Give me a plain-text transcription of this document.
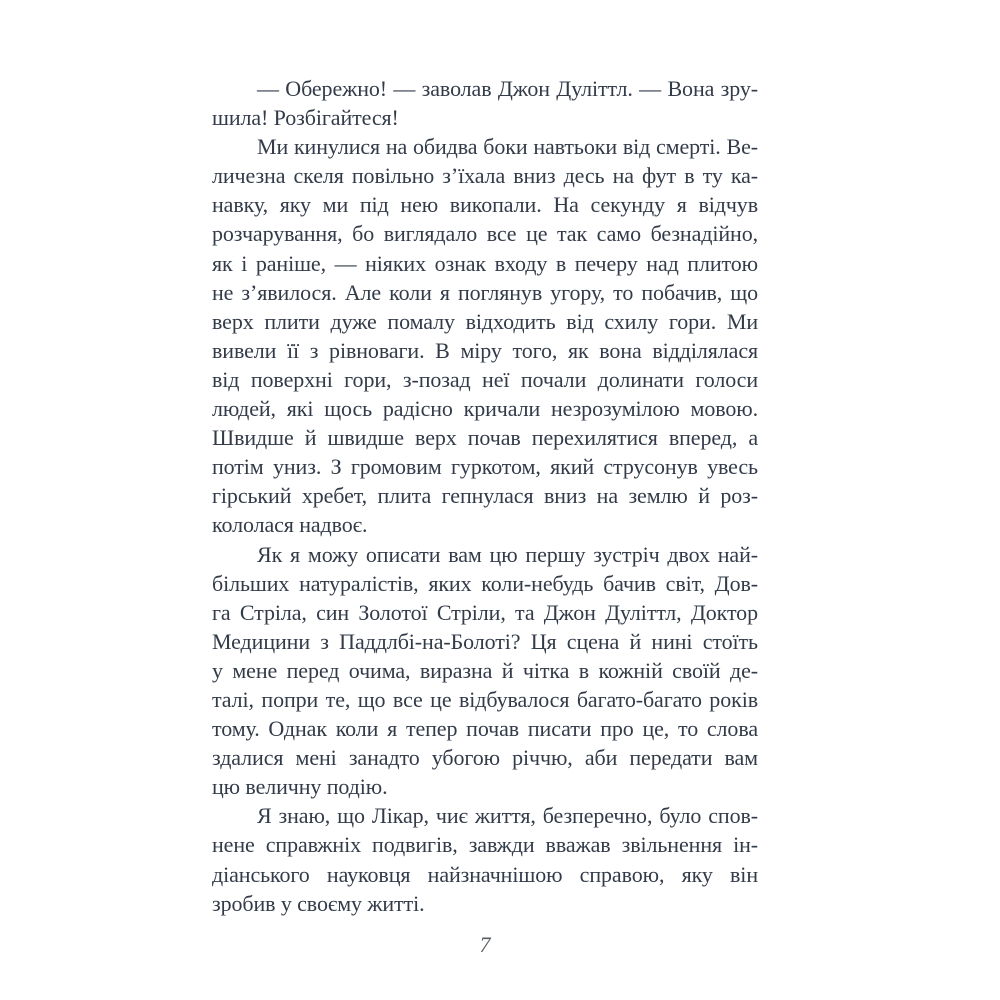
— Обережно! — заволав Джон Дуліттл. — Вона зру-
шила! Розбігайтеся!
Ми кинулися на обидва боки навтьоки від смерті. Ве-
личезна скеля повільно з’їхала вниз десь на фут в ту ка-
навку, яку ми під нею викопали. На секунду я відчув
розчарування, бо виглядало все це так само безнадійно,
як і раніше, — ніяких ознак входу в печеру над плитою
не з’явилося. Але коли я поглянув угору, то побачив, що
верх плити дуже помалу відходить від схилу гори. Ми
вивели її з рівноваги. В міру того, як вона відділялася
від поверхні гори, з-позад неї почали долинати голоси
людей, які щось радісно кричали незрозумілою мовою.
Швидше й швидше верх почав перехилятися вперед, а
потім униз. З громовим гуркотом, який струсонув увесь
гірський хребет, плита гепнулася вниз на землю й роз-
кололася надвоє.
Як я можу описати вам цю першу зустріч двох най-
більших натуралістів, яких коли-небудь бачив світ, Дов-
га Стріла, син Золотої Стріли, та Джон Дуліттл, Доктор
Медицини з Паддлбі-на-Болоті? Ця сцена й нині стоїть
у мене перед очима, виразна й чітка в кожній своїй де-
талі, попри те, що все це відбувалося багато-багато років
тому. Однак коли я тепер почав писати про це, то слова
здалися мені занадто убогою річчю, аби передати вам
цю величну подію.
Я знаю, що Лікар, чиє життя, безперечно, було спов-
нене справжніх подвигів, завжди вважав звільнення ін-
діанського науковця найзначнішою справою, яку він
зробив у своєму житті.
7
